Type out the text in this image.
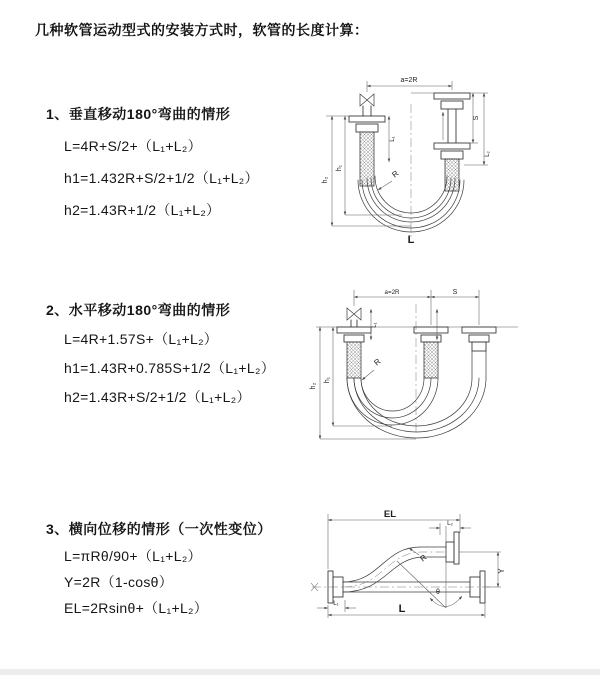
几种软管运动型式的安装方式时，软管的长度计算：
1、垂直移动180°弯曲的情形
L=4R+S/2+（L₁+L₂）
h1=1.432R+S/2+1/2（L₁+L₂）
h2=1.43R+1/2（L₁+L₂）
2、水平移动180°弯曲的情形
L=4R+1.57S+（L₁+L₂）
h1=1.43R+0.785S+1/2（L₁+L₂）
h2=1.43R+S/2+1/2（L₁+L₂）
3、横向位移的情形（一次性变位）
L=πRθ/90+（L₁+L₂）
Y=2R（1-cosθ）
EL=2Rsinθ+（L₁+L₂）
a=2R
h₂
h₁
L₁
S
L₂
R
L
a=2R	S
h₂
h₁
L₁
R
θ
R
EL
L₂
Y
L
L₁
